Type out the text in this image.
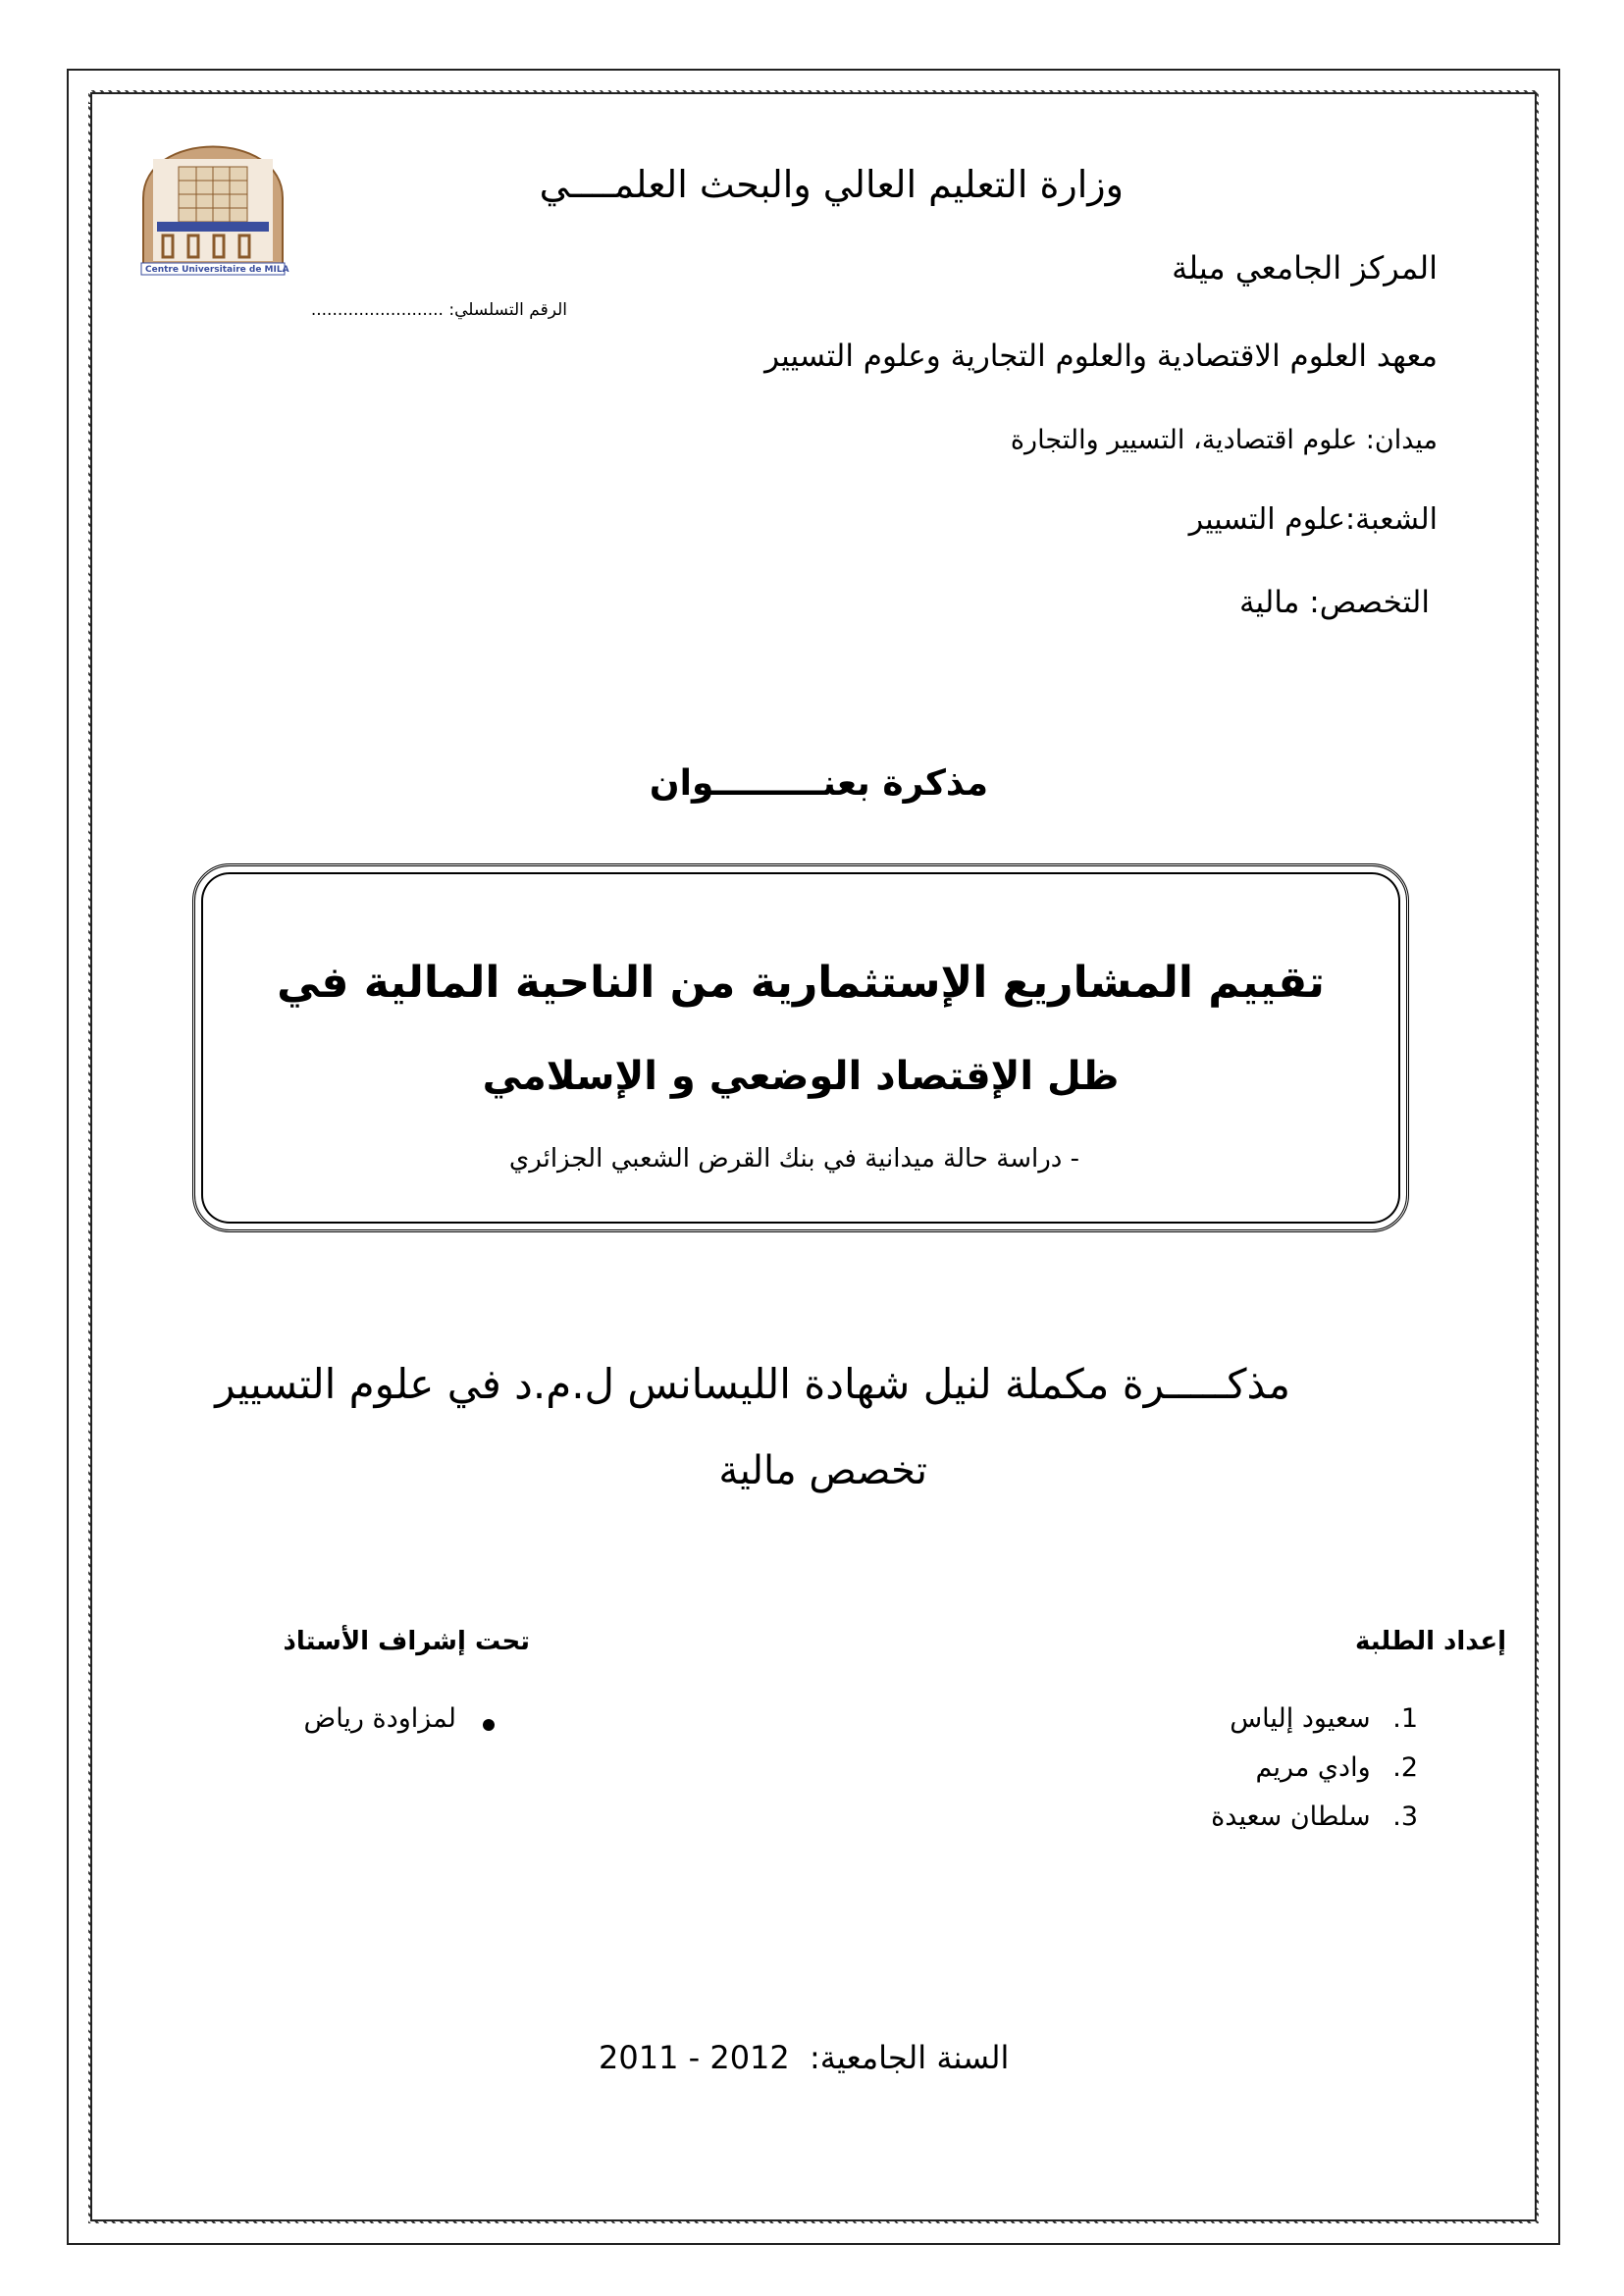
Centre Universitaire de MILA
وزارة التعليم العالي والبحث العلمــــي
المركز الجامعي ميلة
الرقم التسلسلي: .........................
معهد العلوم الاقتصادية والعلوم التجارية وعلوم التسيير
ميدان: علوم اقتصادية، التسيير والتجارة
الشعبة:علوم التسيير
التخصص: مالية
مذكرة بعنـــــــــوان
تقييم المشاريع الإستثمارية من الناحية المالية في
ظل الإقتصاد الوضعي و الإسلامي
- دراسة حالة ميدانية في بنك القرض الشعبي الجزائري
مذكـــــرة مكملة لنيل شهادة الليسانس ل.م.د في علوم التسيير
تخصص مالية
إعداد الطلبة
1. سعيود إلياس
2. وادي مريم
3. سلطان سعيدة
تحت إشراف الأستاذ
لمزاودة رياض
السنة الجامعية: 2012 - 2011
